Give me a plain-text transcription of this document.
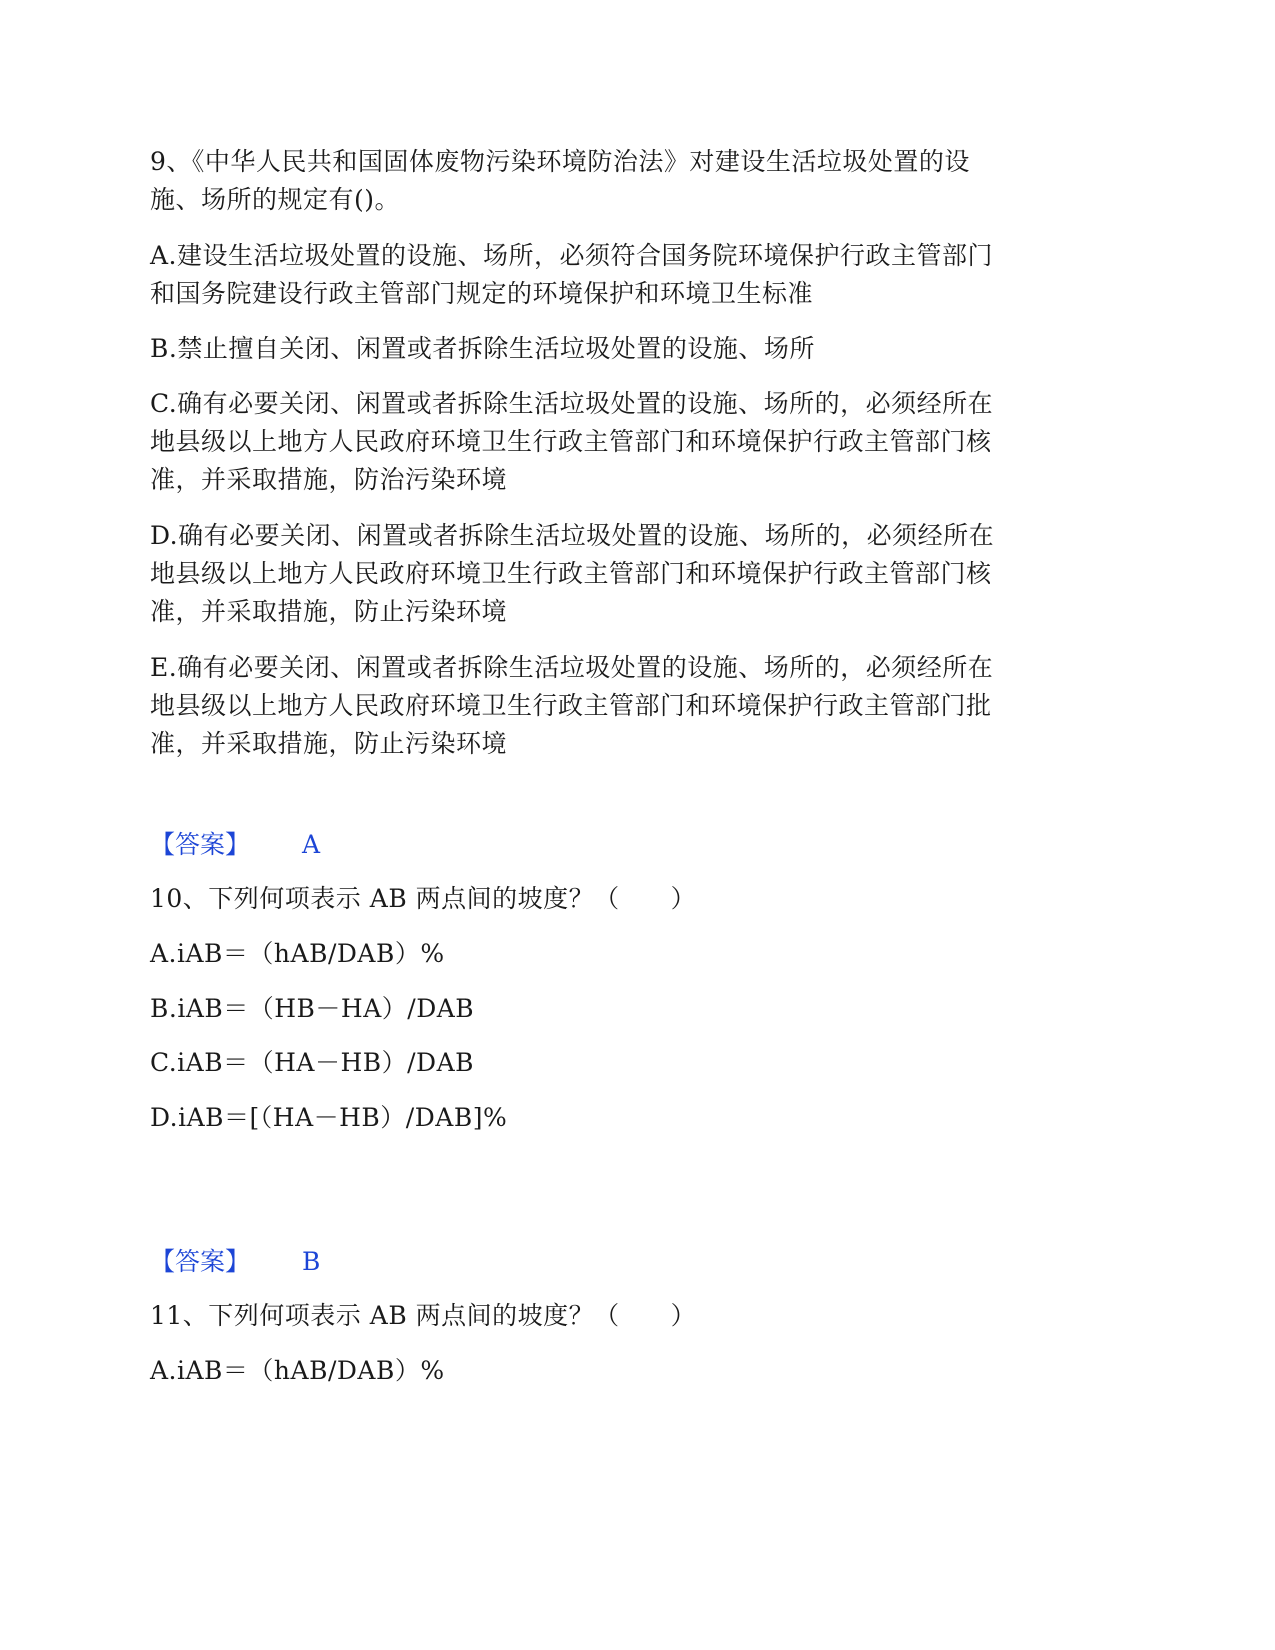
9、《中华人民共和国固体废物污染环境防治法》对建设生活垃圾处置的设
施、场所的规定有()。
A.建设生活垃圾处置的设施、场所，必须符合国务院环境保护行政主管部门
和国务院建设行政主管部门规定的环境保护和环境卫生标准
B.禁止擅自关闭、闲置或者拆除生活垃圾处置的设施、场所
C.确有必要关闭、闲置或者拆除生活垃圾处置的设施、场所的，必须经所在
地县级以上地方人民政府环境卫生行政主管部门和环境保护行政主管部门核
准，并采取措施，防治污染环境
D.确有必要关闭、闲置或者拆除生活垃圾处置的设施、场所的，必须经所在
地县级以上地方人民政府环境卫生行政主管部门和环境保护行政主管部门核
准，并采取措施，防止污染环境
E.确有必要关闭、闲置或者拆除生活垃圾处置的设施、场所的，必须经所在
地县级以上地方人民政府环境卫生行政主管部门和环境保护行政主管部门批
准，并采取措施，防止污染环境
【答案】 A
10、下列何项表示 AB 两点间的坡度？（　　）
A.iAB＝（hAB/DAB）%
B.iAB＝（HB－HA）/DAB
C.iAB＝（HA－HB）/DAB
D.iAB＝[（HA－HB）/DAB]%
【答案】 B
11、下列何项表示 AB 两点间的坡度？（　　）
A.iAB＝（hAB/DAB）%
